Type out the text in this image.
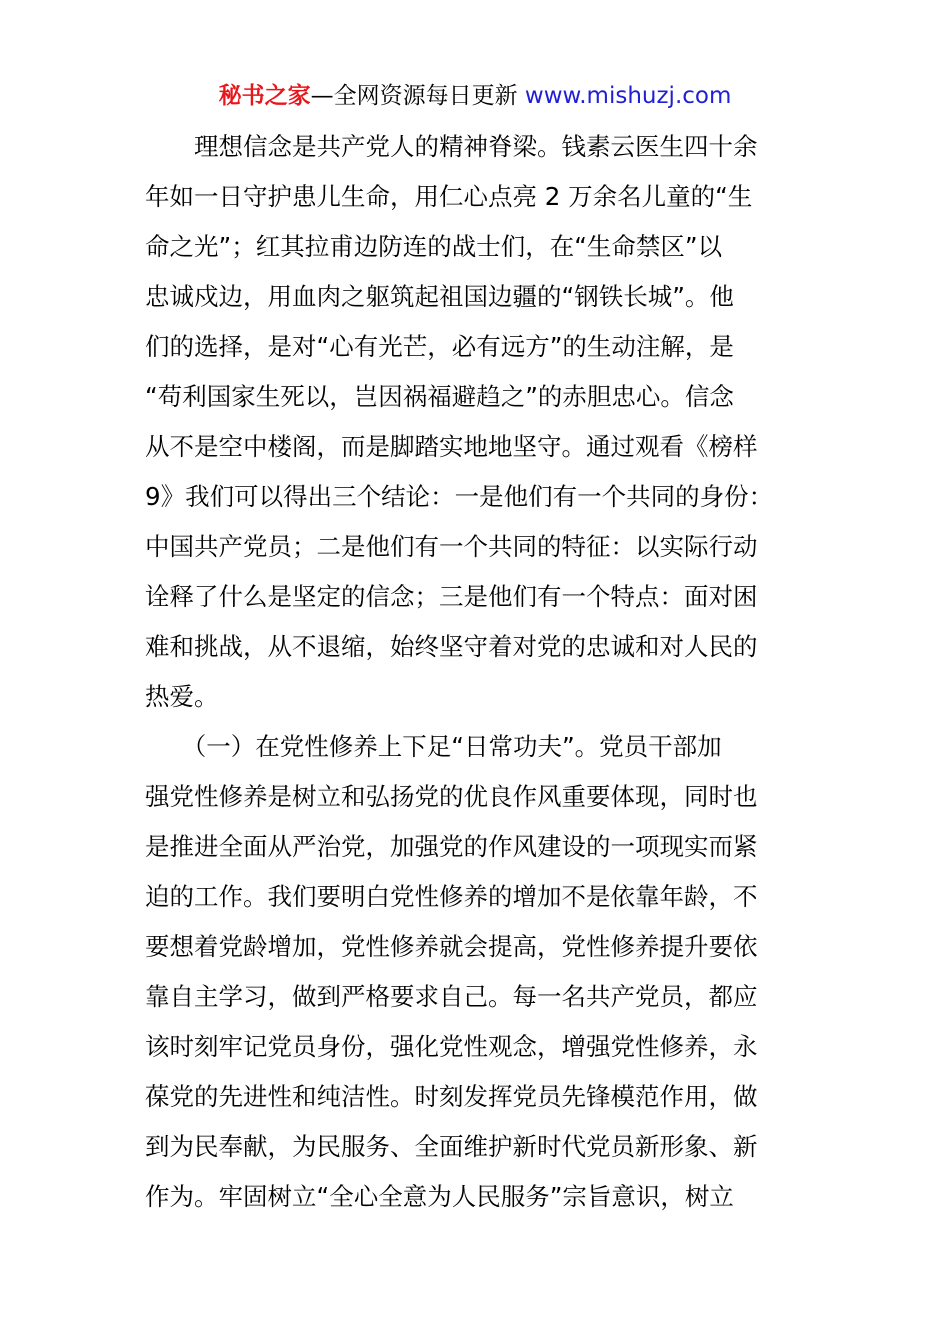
秘书之家—全网资源每日更新 www.mishuzj.com
　　理想信念是共产党人的精神脊梁。钱素云医生四十余
年如一日守护患儿生命，用仁心点亮 2 万余名儿童的“生
命之光”；红其拉甫边防连的战士们，在“生命禁区”以
忠诚戍边，用血肉之躯筑起祖国边疆的“钢铁长城”。他
们的选择，是对“心有光芒，必有远方”的生动注解，是
“苟利国家生死以，岂因祸福避趋之”的赤胆忠心。信念
从不是空中楼阁，而是脚踏实地地坚守。通过观看《榜样
9》我们可以得出三个结论：一是他们有一个共同的身份：
中国共产党员；二是他们有一个共同的特征：以实际行动
诠释了什么是坚定的信念；三是他们有一个特点：面对困
难和挑战，从不退缩，始终坚守着对党的忠诚和对人民的
热爱。
　　（一）在党性修养上下足“日常功夫”。党员干部加
强党性修养是树立和弘扬党的优良作风重要体现，同时也
是推进全面从严治党，加强党的作风建设的一项现实而紧
迫的工作。我们要明白党性修养的增加不是依靠年龄，不
要想着党龄增加，党性修养就会提高，党性修养提升要依
靠自主学习，做到严格要求自己。每一名共产党员，都应
该时刻牢记党员身份，强化党性观念，增强党性修养，永
葆党的先进性和纯洁性。时刻发挥党员先锋模范作用，做
到为民奉献，为民服务、全面维护新时代党员新形象、新
作为。牢固树立“全心全意为人民服务”宗旨意识，树立
